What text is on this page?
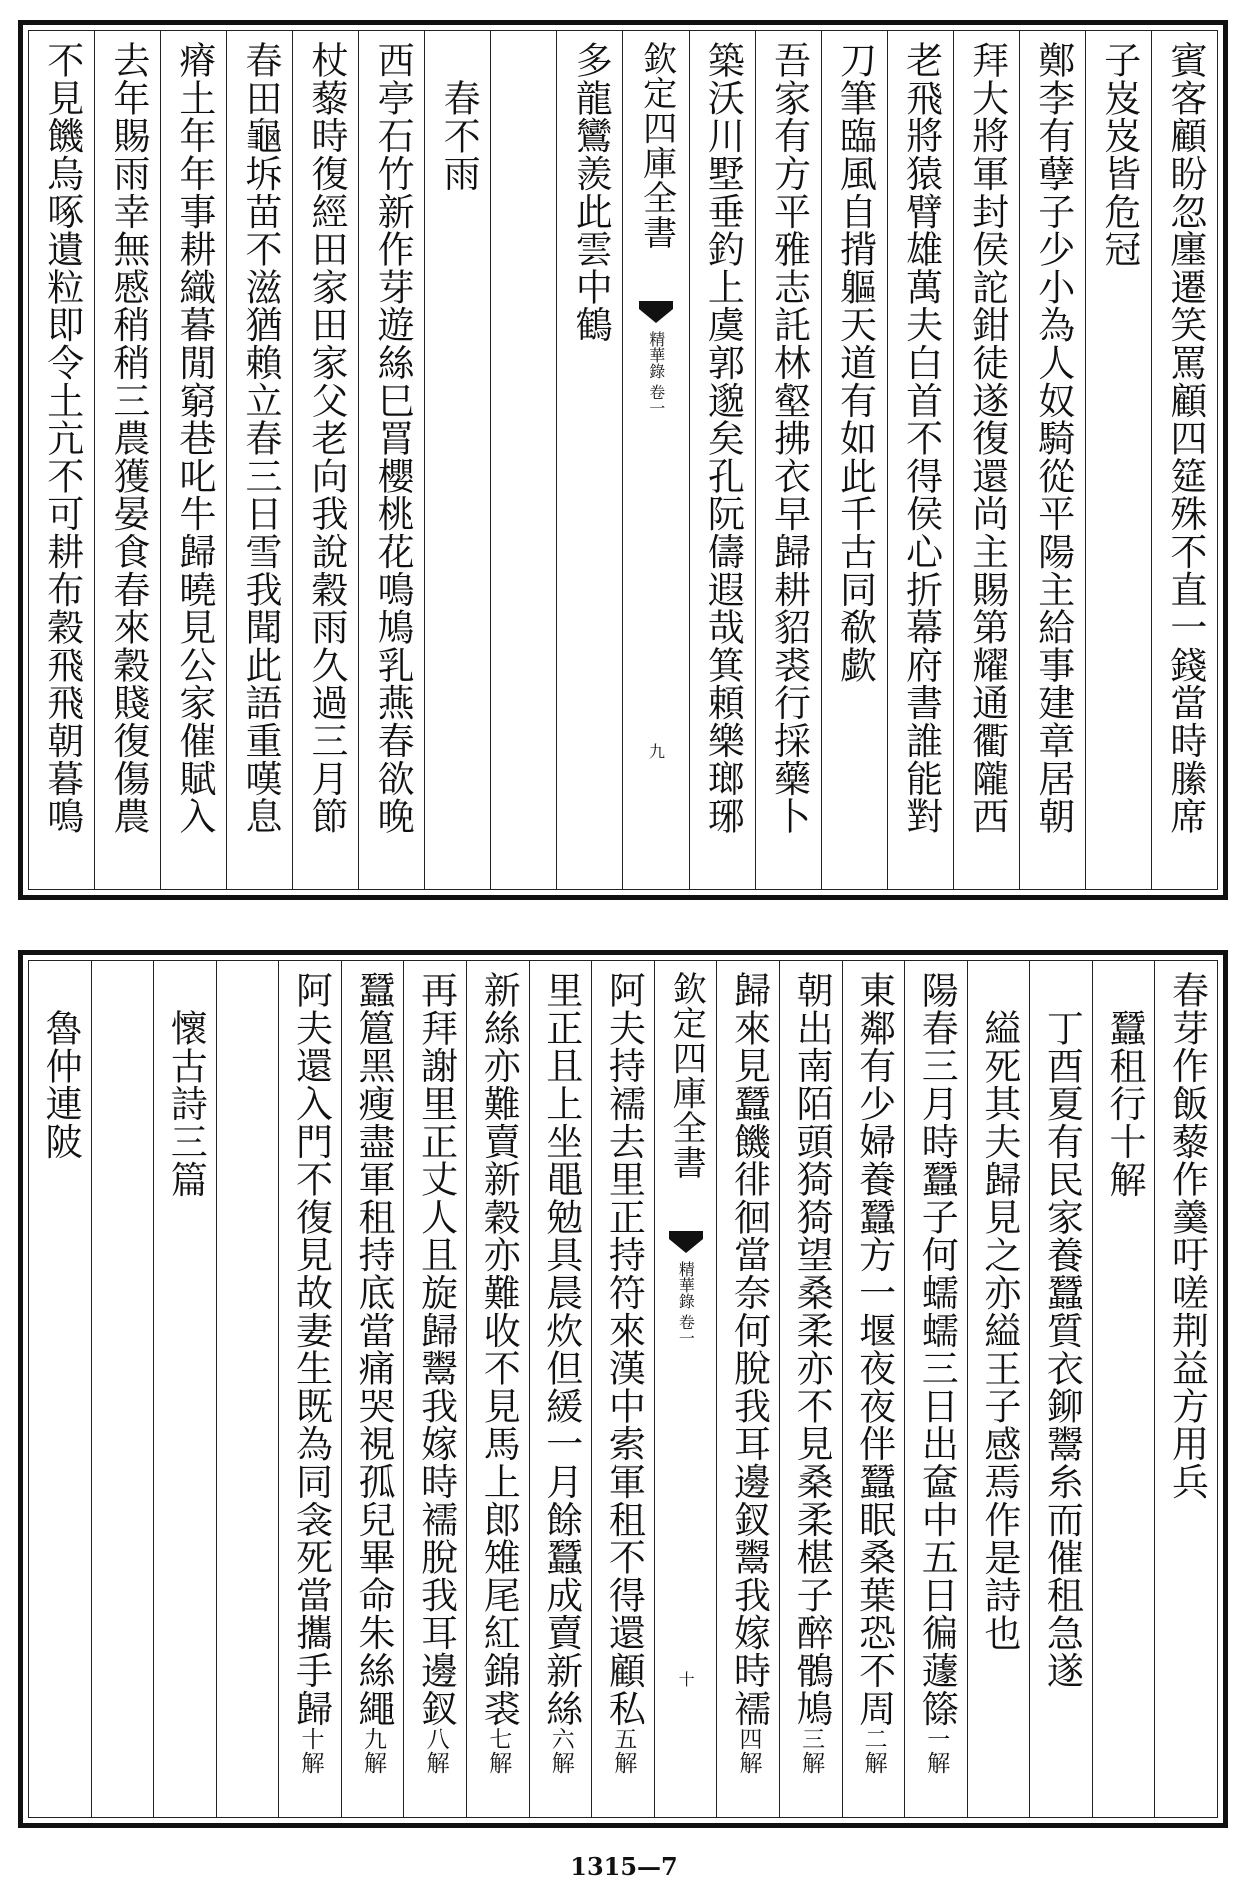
賓客顧盼忽廛遷笑罵顧四筵殊不直一錢當時縢席
子岌岌皆危冠
鄭李有孽子少小為人奴騎從平陽主給事建章居朝
拜大將軍封侯詑鉗徒遂復還尚主賜第耀通衢隴西
老飛將猿臂雄萬夫白首不得侯心折幕府書誰能對
刀筆臨風自揹軀天道有如此千古同欷歔
吾家有方平雅志託林壑拂衣早歸耕貂裘行採藥卜
築沃川墅垂釣上虞郭邈矣孔阮儔遐哉箕頼樂瑯琊
欽定四庫全書
精華錄 卷一
九
多龍鸞羨此雲中鶴
春不雨
西亭石竹新作芽遊絲巳罥櫻桃花鳴鳩乳燕春欲晚
杖藜時復經田家田家父老向我說穀雨久過三月節
春田龜坼苗不滋猶賴立春三日雪我聞此語重嘆息
瘠土年年事耕織暮閒窮巷叱牛歸曉見公家催賦入
去年賜雨幸無慼稍稍三農獲晏食春來穀賤復傷農
不見饑烏啄遺粒即令土亢不可耕布穀飛飛朝暮鳴
春芽作飯藜作羹吁嗟荆益方用兵
蠶租行十解
丁酉夏有民家養蠶質衣鉚鬻糸而催租急遂
縊死其夫歸見之亦縊王子感焉作是詩也
陽春三月時蠶子何蠕蠕三日出奩中五日徧蘧篨一解
東鄰有少婦養蠶方一堰夜夜伴蠶眠桑葉恐不周二解
朝出南陌頭猗猗望桑柔亦不見桑柔椹子醉鶻鳩三解
歸來見蠶饑徘徊當奈何脫我耳邊釵鬻我嫁時襦四解
欽定四庫全書
精華錄 卷一
十
阿夫持襦去里正持符來漢中索軍租不得還顧私五解
里正且上坐黽勉具晨炊但緩一月餘蠶成賣新絲六解
新絲亦難賣新穀亦難收不見馬上郎雉尾紅錦裘七解
再拜謝里正丈人且旋歸鬻我嫁時襦脫我耳邊釵八解
蠶簄黑瘦盡軍租持底當痛哭視孤兒畢命朱絲繩九解
阿夫還入門不復見故妻生既為同衾死當攜手歸十解
懷古詩三篇
魯仲連陂
1315—7
